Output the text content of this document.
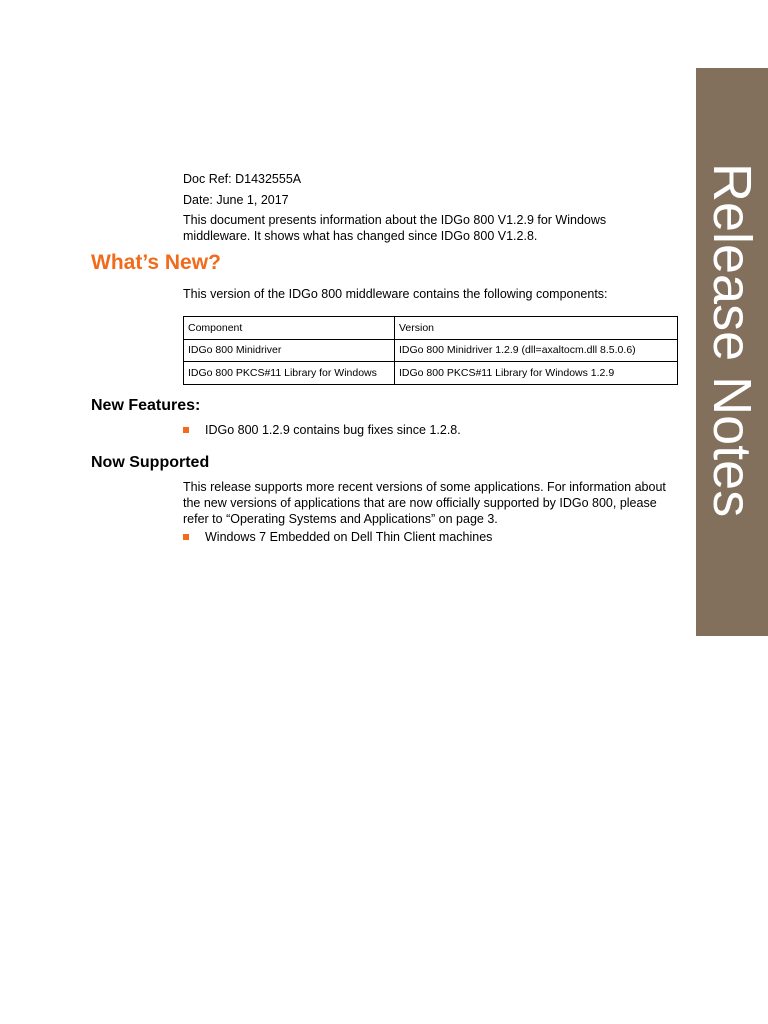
Release Notes

Doc Ref: D1432555A

Date: June 1, 2017

This document presents information about the IDGo 800 V1.2.9 for Windows middleware. It shows what has changed since IDGo 800 V1.2.8.

What’s New?

This version of the IDGo 800 middleware contains the following components:

Component	Version
IDGo 800 Minidriver	IDGo 800 Minidriver 1.2.9 (dll=axaltocm.dll 8.5.0.6)
IDGo 800 PKCS#11 Library for Windows	IDGo 800 PKCS#11 Library for Windows 1.2.9
New Features:
IDGo 800 1.2.9 contains bug fixes since 1.2.8.
Now Supported

This release supports more recent versions of some applications. For information about the new versions of applications that are now officially supported by IDGo 800, please refer to “Operating Systems and Applications” on page 3.

Windows 7 Embedded on Dell Thin Client machines
